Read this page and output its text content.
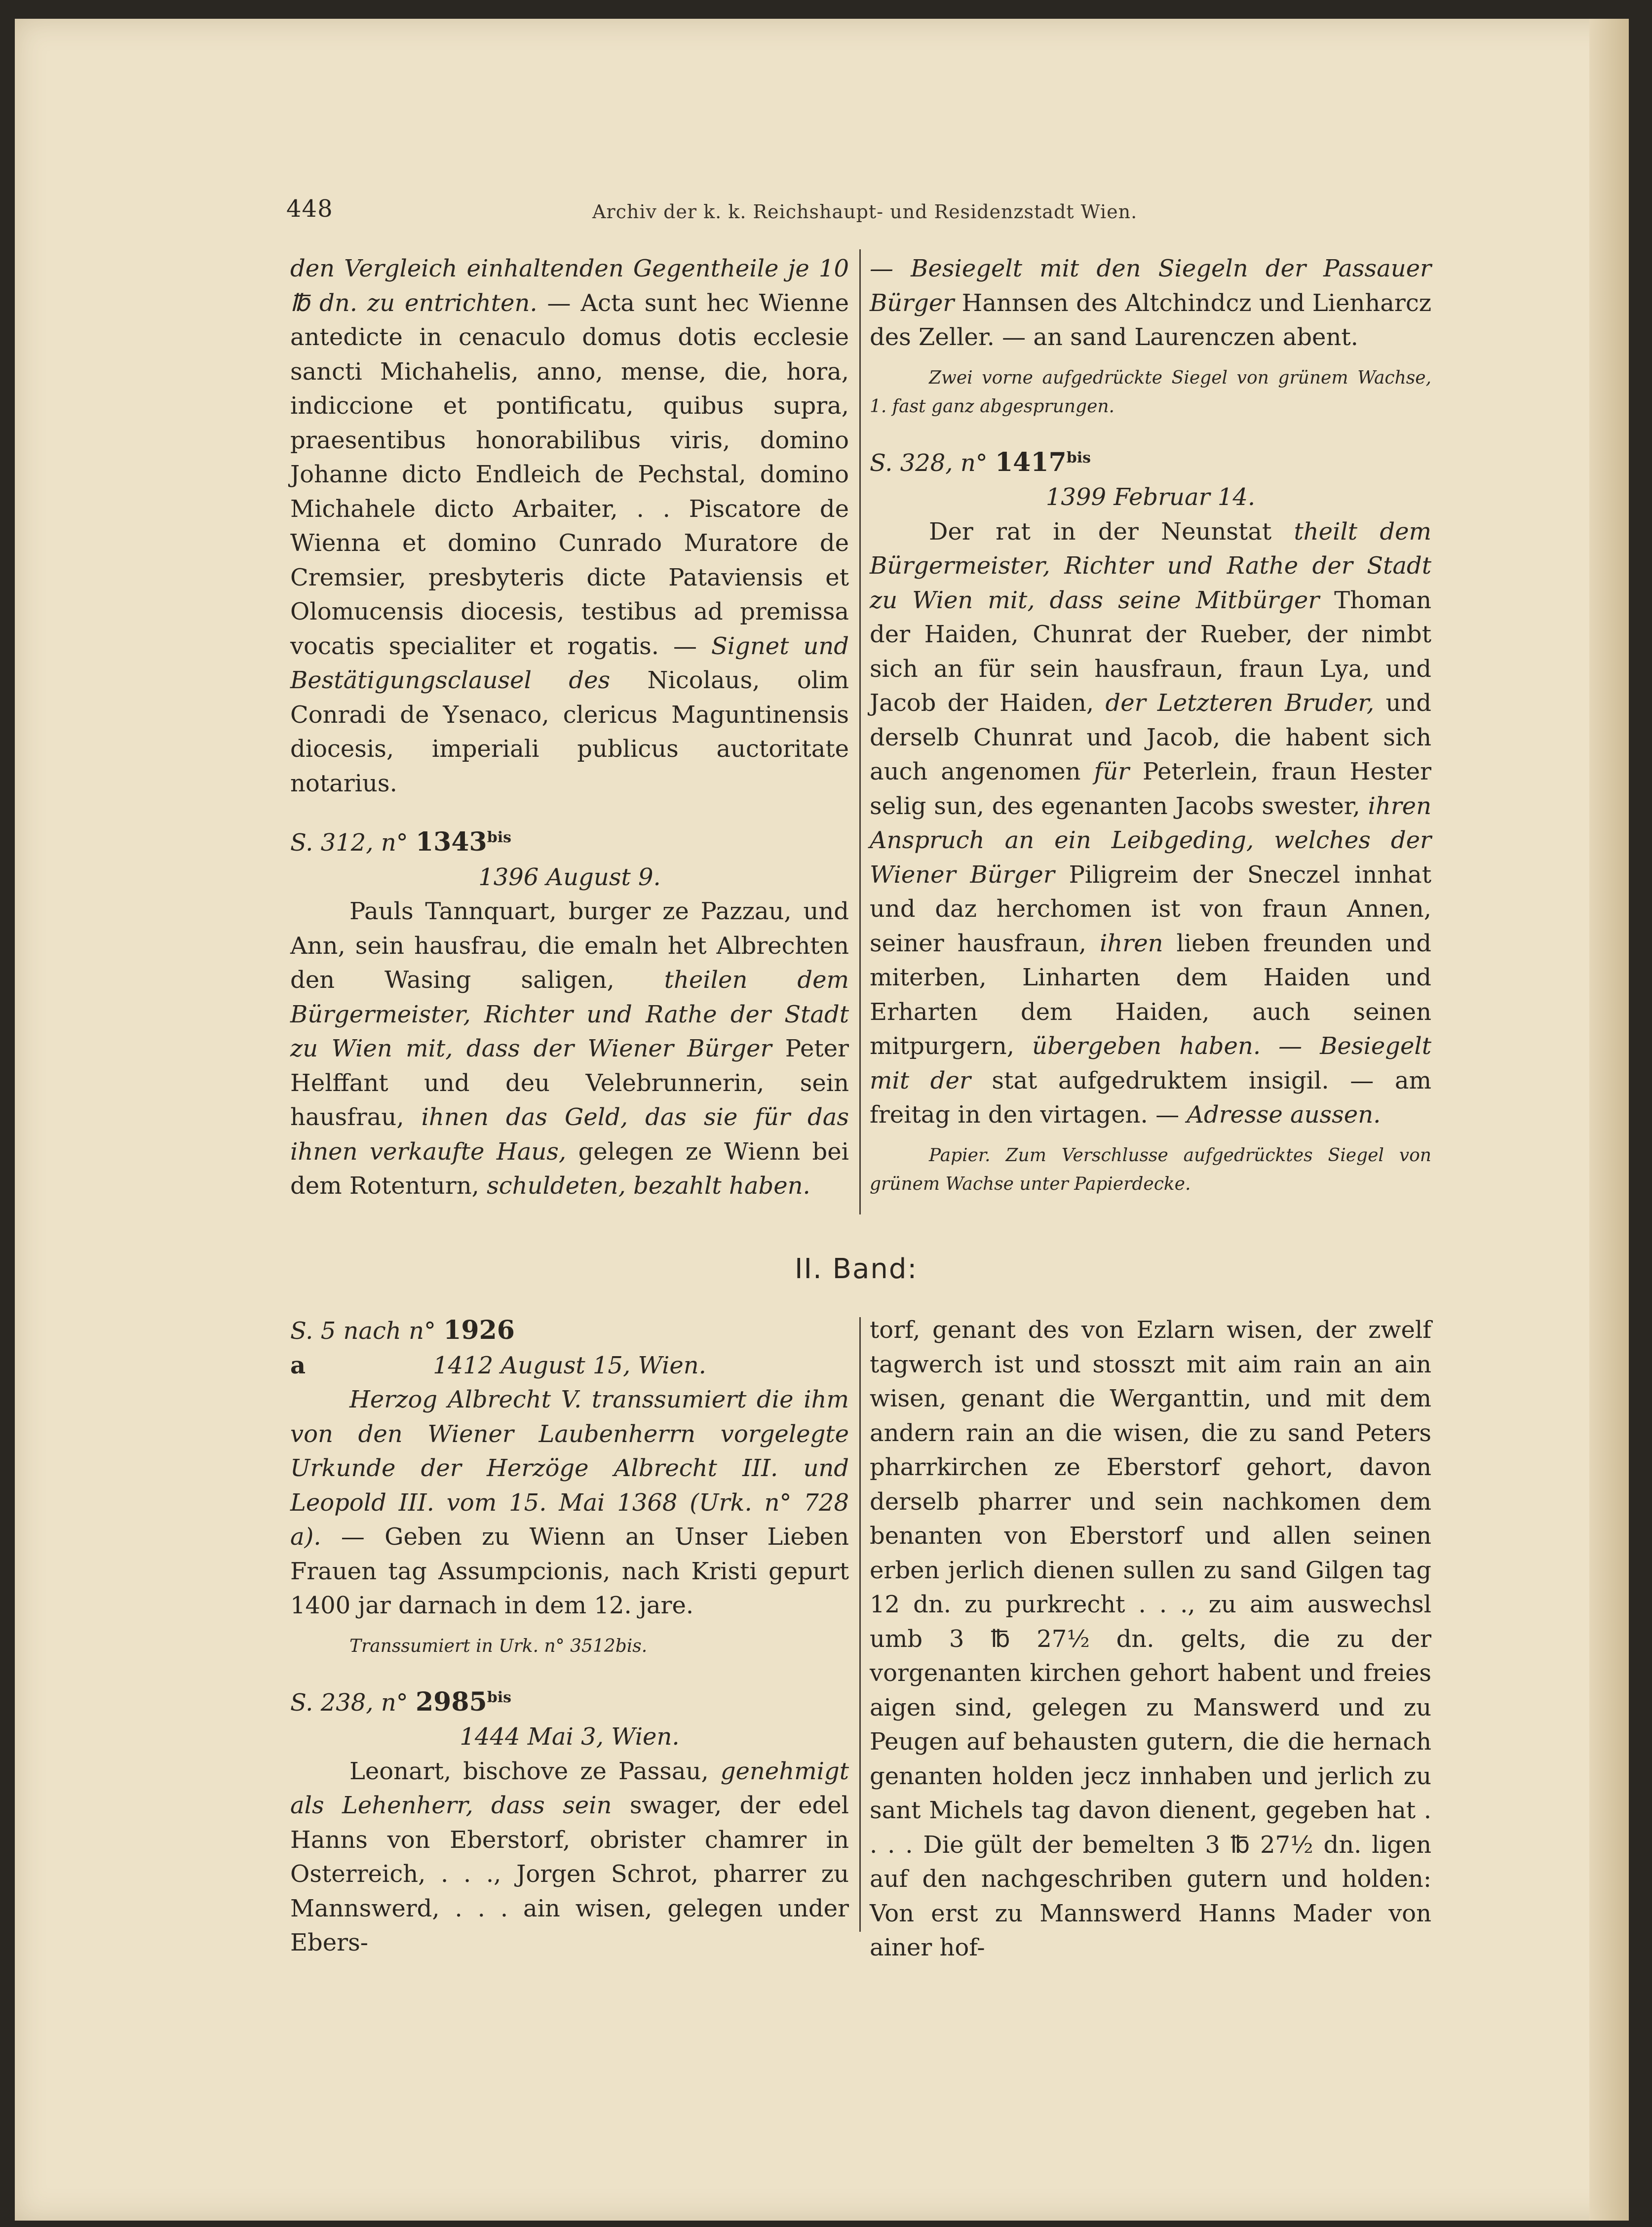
448	Archiv der k. k. Reichshaupt- und Residenzstadt Wien.

den Vergleich einhaltenden Gegentheile je 10 ℔ dn. zu entrichten. — Acta sunt hec Wienne antedicte in cenaculo domus dotis ecclesie sancti Michahelis, anno, mense, die, hora, indiccione et pontificatu, quibus supra, praesentibus honorabilibus viris, domino Johanne dicto Endleich de Pechstal, domino Michahele dicto Arbaiter, . . Piscatore de Wienna et domino Cunrado Muratore de Cremsier, presbyteris dicte Pataviensis et Olomucensis diocesis, testibus ad premissa vocatis specialiter et rogatis. — Signet und Bestätigungsclausel des Nicolaus, olim Conradi de Ysenaco, clericus Maguntinensis diocesis, imperiali publicus auctoritate notarius.

S. 312, n° $1343^{bis}$

1396 August 9.

Pauls Tannquart, burger ze Pazzau, und Ann, sein hausfrau, die emaln het Albrechten den Wasing saligen, theilen dem Bürgermeister, Richter und Rathe der Stadt zu Wien mit, dass der Wiener Bürger Peter Helffant und deu Velebrunnerin, sein hausfrau, ihnen das Geld, das sie für das ihnen verkaufte Haus, gelegen ze Wienn bei dem Rotenturn, schuldeten, bezahlt haben.

— Besiegelt mit den Siegeln der Passauer Bürger Hannsen des Altchindcz und Lienharcz des Zeller. — an sand Laurenczen abent.

Zwei vorne aufgedrückte Siegel von grünem Wachse, 1. fast ganz abgesprungen.

S. 328, n° $1417^{bis}$

1399 Februar 14.

Der rat in der Neunstat theilt dem Bürgermeister, Richter und Rathe der Stadt zu Wien mit, dass seine Mitbürger Thoman der Haiden, Chunrat der Rueber, der nimbt sich an für sein hausfraun, fraun Lya, und Jacob der Haiden, der Letzteren Bruder, und derselb Chunrat und Jacob, die habent sich auch angenomen für Peterlein, fraun Hester selig sun, des egenanten Jacobs swester, ihren Anspruch an ein Leibgeding, welches der Wiener Bürger Piligreim der Sneczel innhat und daz herchomen ist von fraun Annen, seiner hausfraun, ihren lieben freunden und miterben, Linharten dem Haiden und Erharten dem Haiden, auch seinen mitpurgern, übergeben haben. — Besiegelt mit der stat aufgedruktem insigil. — am freitag in den virtagen. — Adresse aussen.

Papier. Zum Verschlusse aufgedrücktes Siegel von grünem Wachse unter Papierdecke.

II. Band:

S. 5 nach n° 1926

a	1412 August 15, Wien.

Herzog Albrecht V. transsumiert die ihm von den Wiener Laubenherrn vorgelegte Urkunde der Herzöge Albrecht III. und Leopold III. vom 15. Mai 1368 (Urk. n° 728 a). — Geben zu Wienn an Unser Lieben Frauen tag Assumpcionis, nach Kristi gepurt 1400 jar darnach in dem 12. jare.

Transsumiert in Urk. n° 3512bis.

S. 238, n° $2985^{bis}$

1444 Mai 3, Wien.

Leonart, bischove ze Passau, genehmigt als Lehenherr, dass sein swager, der edel Hanns von Eberstorf, obrister chamrer in Osterreich, . . ., Jorgen Schrot, pharrer zu Mannswerd, . . . ain wisen, gelegen under Ebers-

torf, genant des von Ezlarn wisen, der zwelf tagwerch ist und stosszt mit aim rain an ain wisen, genant die Werganttin, und mit dem andern rain an die wisen, die zu sand Peters pharrkirchen ze Eberstorf gehort, davon derselb pharrer und sein nachkomen dem benanten von Eberstorf und allen seinen erben jerlich dienen sullen zu sand Gilgen tag 12 dn. zu purkrecht . . ., zu aim auswechsl umb 3 ℔ 27½ dn. gelts, die zu der vorgenanten kirchen gehort habent und freies aigen sind, gelegen zu Manswerd und zu Peugen auf behausten gutern, die die hernach genanten holden jecz innhaben und jerlich zu sant Michels tag davon dienent, gegeben hat . . . . Die gült der bemelten 3 ℔ 27½ dn. ligen auf den nachgeschriben gutern und holden: Von erst zu Mannswerd Hanns Mader von ainer hof-
